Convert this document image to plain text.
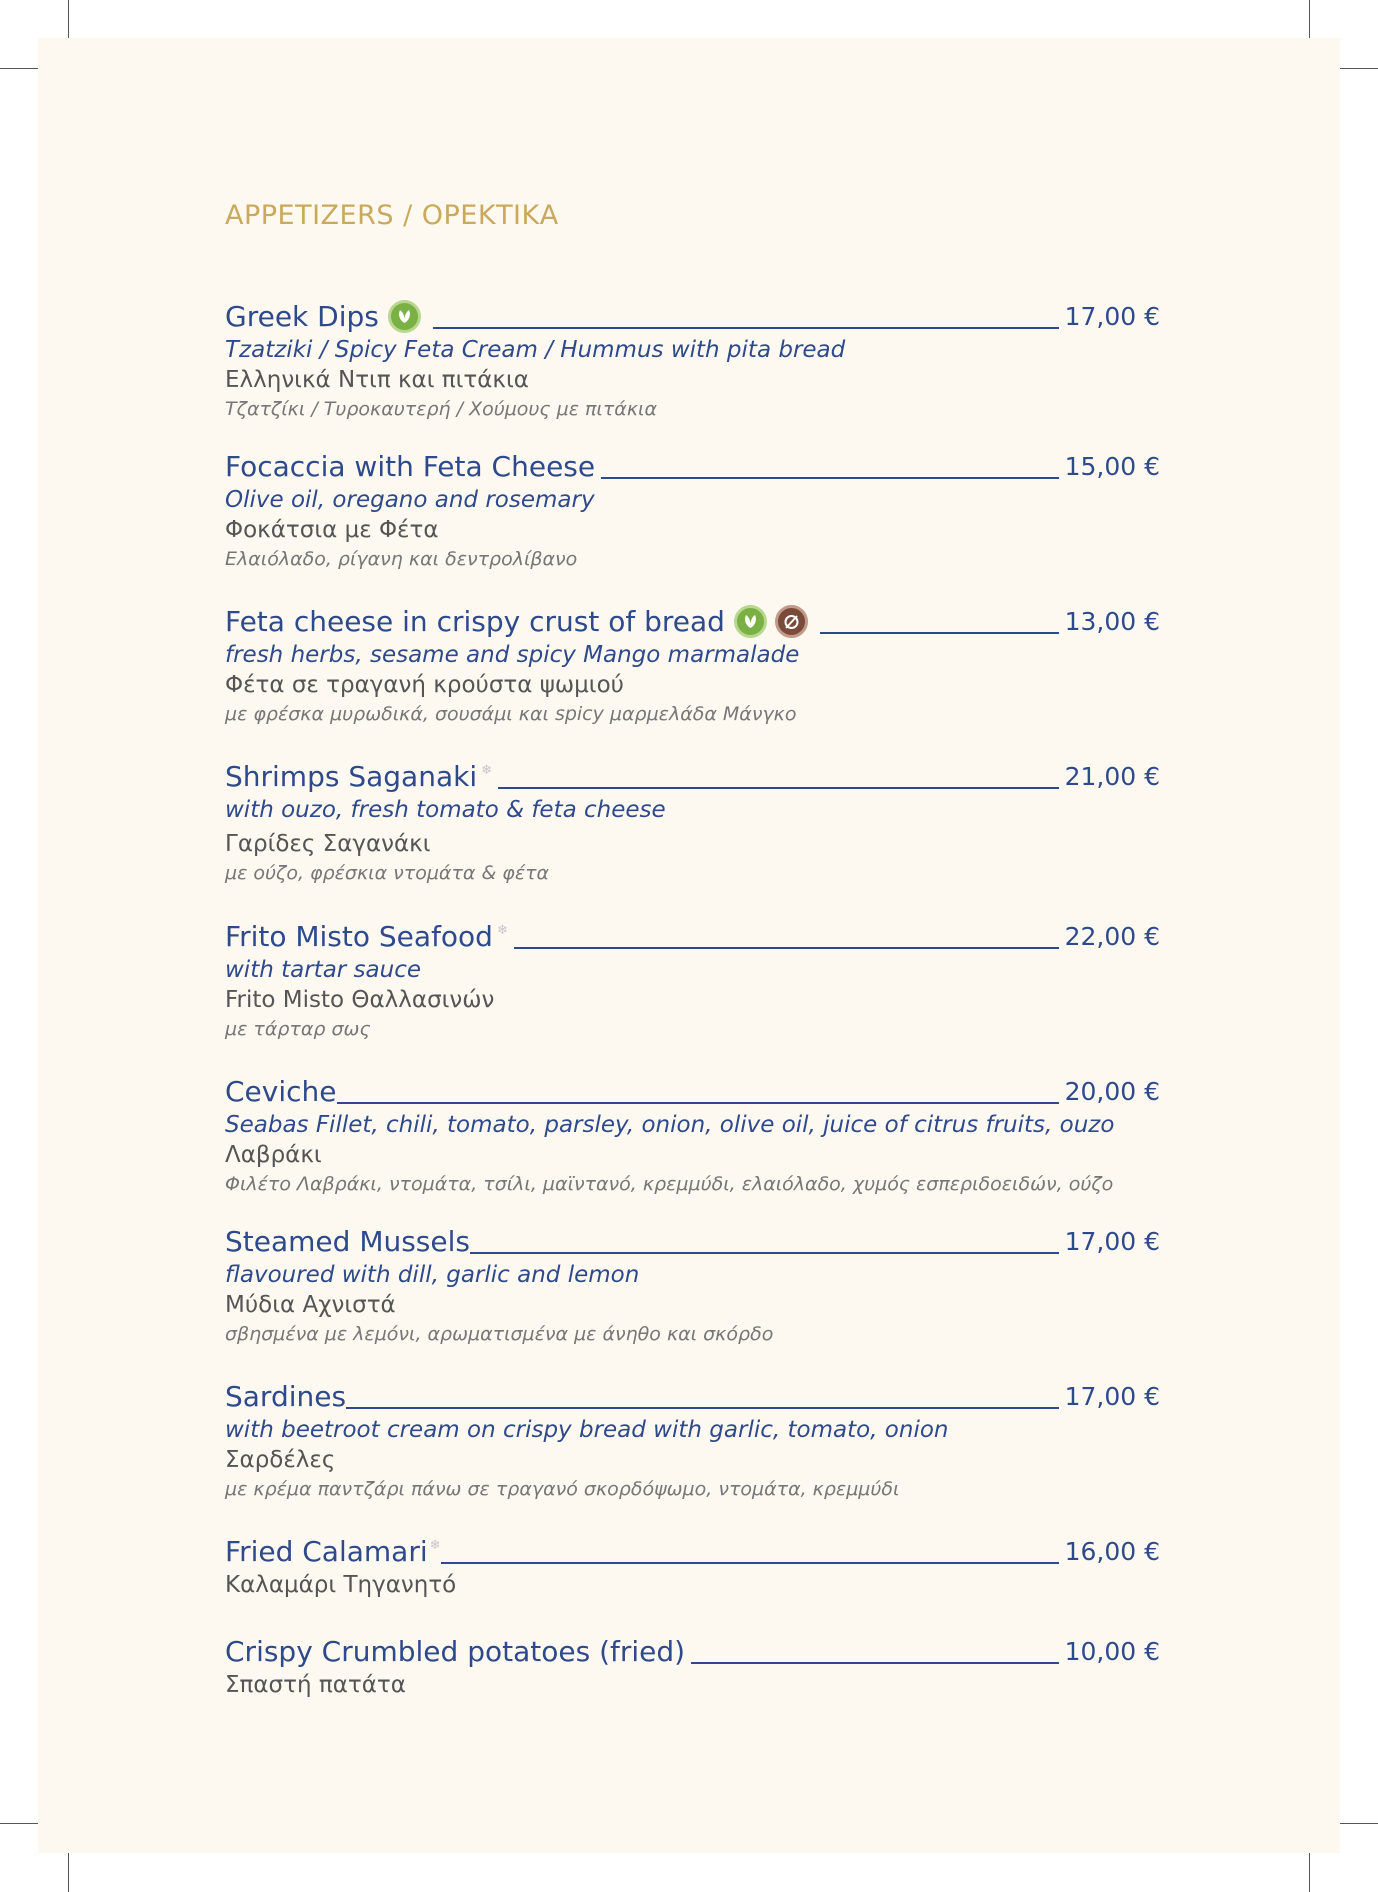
APPETIZERS / ΟΡΕΚΤΙΚΑ
Greek Dips	17,00 €
Tzatziki / Spicy Feta Cream / Hummus with pita bread
Ελληνικά Ντιπ και πιτάκια
Τζατζίκι / Τυροκαυτερή / Χούμους με πιτάκια
Focaccia with Feta Cheese	15,00 €
Olive oil, oregano and rosemary
Φοκάτσια με Φέτα
Ελαιόλαδο, ρίγανη και δεντρολίβανο
Feta cheese in crispy crust of bread	13,00 €
fresh herbs, sesame and spicy Mango marmalade
Φέτα σε τραγανή κρούστα ψωμιού
με φρέσκα μυρωδικά, σουσάμι και spicy μαρμελάδα Μάνγκο
Shrimps Saganaki ❄	21,00 €
with ouzo, fresh tomato & feta cheese
Γαρίδες Σαγανάκι
με ούζο, φρέσκια ντομάτα & φέτα
Frito Misto Seafood ❄	22,00 €
with tartar sauce
Frito Misto Θαλλασινών
με τάρταρ σως
Ceviche	20,00 €
Seabas Fillet, chili, tomato, parsley, onion, olive oil, juice of citrus fruits, ouzo
Λαβράκι
Φιλέτο Λαβράκι, ντομάτα, τσίλι, μαϊντανό, κρεμμύδι, ελαιόλαδο, χυμός εσπεριδοειδών, ούζο
Steamed Mussels	17,00 €
flavoured with dill, garlic and lemon
Μύδια Αχνιστά
σβησμένα με λεμόνι, αρωματισμένα με άνηθο και σκόρδο
Sardines	17,00 €
with beetroot cream on crispy bread with garlic, tomato, onion
Σαρδέλες
με κρέμα παντζάρι πάνω σε τραγανό σκορδόψωμο, ντομάτα, κρεμμύδι
Fried Calamari ❄	16,00 €
Καλαμάρι Τηγανητό
Crispy Crumbled potatoes (fried)	10,00 €
Σπαστή πατάτα
